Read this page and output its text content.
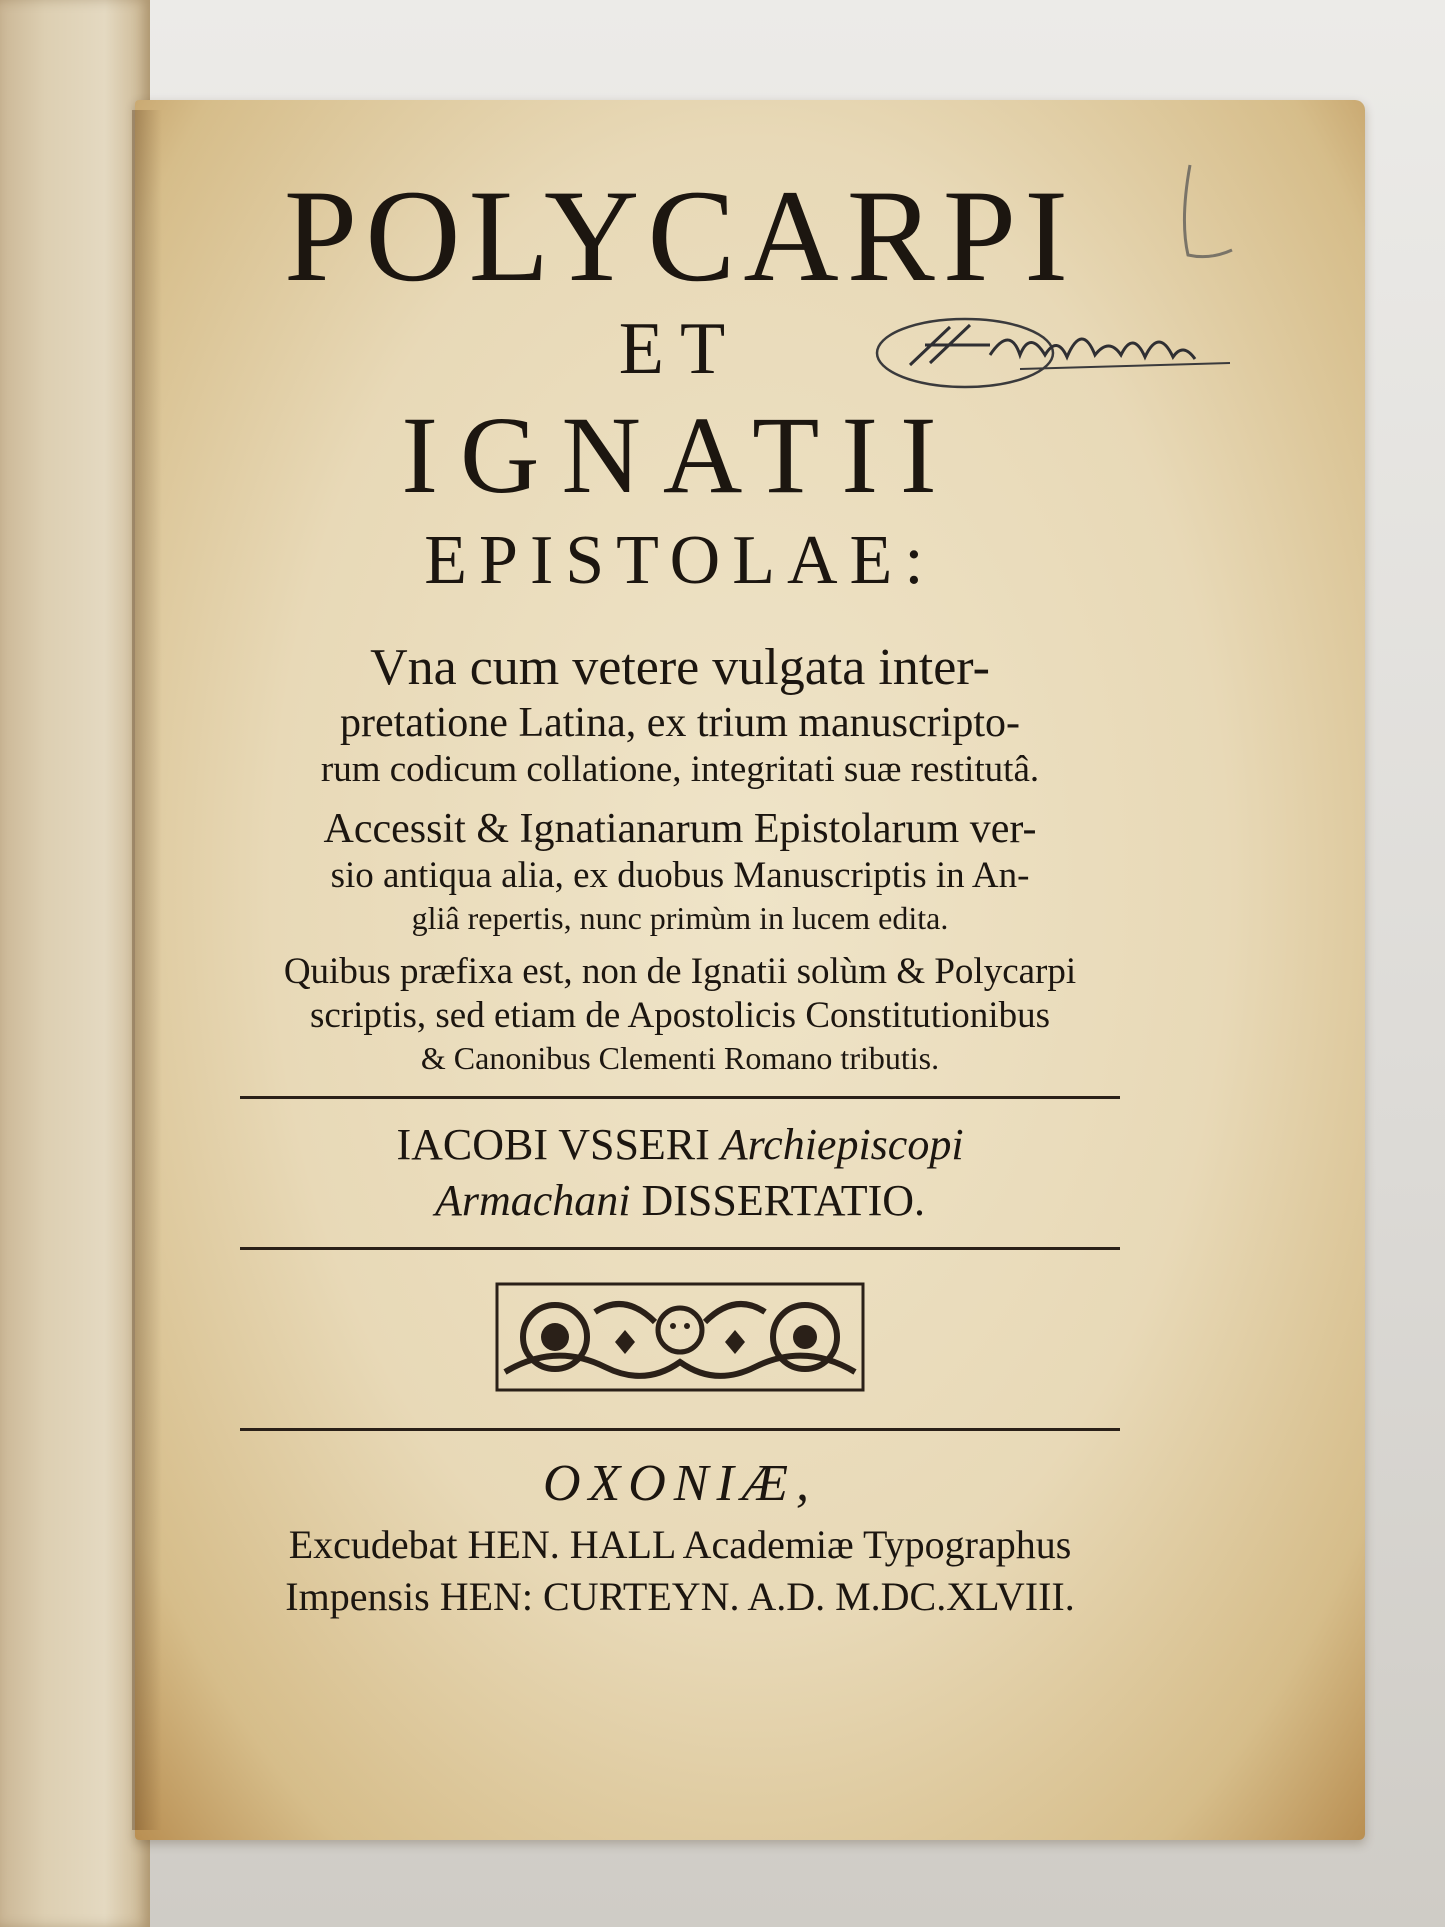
POLYCARPI
ET
IGNATII
EPISTOLAE:
Vna cum vetere vulgata inter-
pretatione Latina, ex trium manuscripto-
rum codicum collatione, integritati suæ restitutâ.
Accessit & Ignatianarum Epistolarum ver-
sio antiqua alia, ex duobus Manuscriptis in An-
gliâ repertis, nunc primùm in lucem edita.
Quibus præfixa est, non de Ignatii solùm & Polycarpi
scriptis, sed etiam de Apostolicis Constitutionibus
& Canonibus Clementi Romano tributis.
IACOBI VSSERI Archiepiscopi
Armachani DISSERTATIO.
OXONIÆ,
Excudebat HEN. HALL Academiæ Typographus
Impensis HEN: CURTEYN. A.D. M.DC.XLVIII.
